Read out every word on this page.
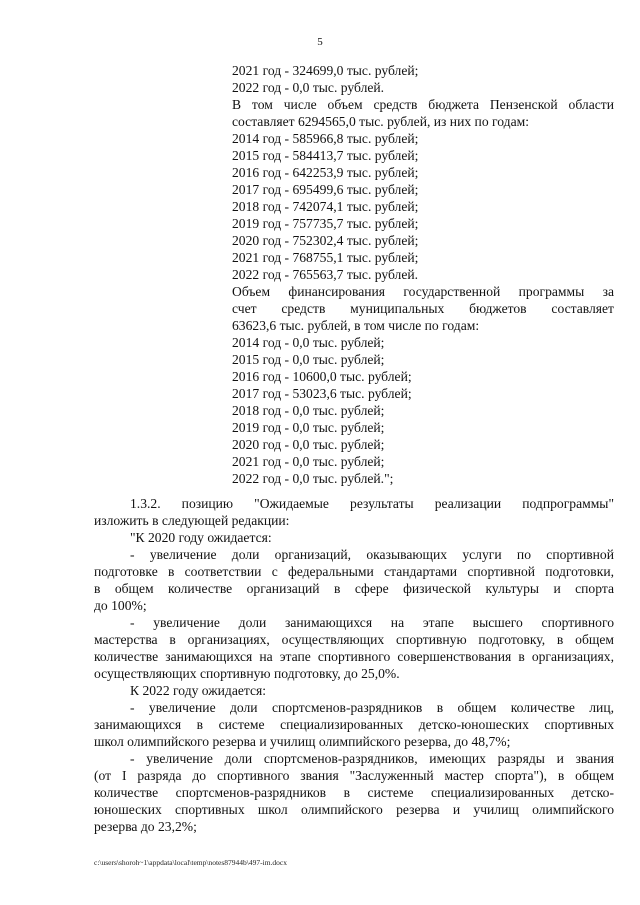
5
2021 год - 324699,0 тыс. рублей;
2022 год - 0,0 тыс. рублей.
В том числе объем средств бюджета Пензенской области
составляет 6294565,0 тыс. рублей, из них по годам:
2014 год - 585966,8 тыс. рублей;
2015 год - 584413,7 тыс. рублей;
2016 год - 642253,9 тыс. рублей;
2017 год - 695499,6 тыс. рублей;
2018 год - 742074,1 тыс. рублей;
2019 год - 757735,7 тыс. рублей;
2020 год - 752302,4 тыс. рублей;
2021 год - 768755,1 тыс. рублей;
2022 год - 765563,7 тыс. рублей.
Объем финансирования государственной программы за
счет средств муниципальных бюджетов составляет
63623,6 тыс. рублей, в том числе по годам:
2014 год - 0,0 тыс. рублей;
2015 год - 0,0 тыс. рублей;
2016 год - 10600,0 тыс. рублей;
2017 год - 53023,6 тыс. рублей;
2018 год - 0,0 тыс. рублей;
2019 год - 0,0 тыс. рублей;
2020 год - 0,0 тыс. рублей;
2021 год - 0,0 тыс. рублей;
2022 год - 0,0 тыс. рублей.";
1.3.2. позицию "Ожидаемые результаты реализации подпрограммы"
изложить в следующей редакции:
"К 2020 году ожидается:
- увеличение доли организаций, оказывающих услуги по спортивной
подготовке в соответствии с федеральными стандартами спортивной подготовки,
в общем количестве организаций в сфере физической культуры и спорта
до 100%;
- увеличение доли занимающихся на этапе высшего спортивного
мастерства в организациях, осуществляющих спортивную подготовку, в общем
количестве занимающихся на этапе спортивного совершенствования в организациях,
осуществляющих спортивную подготовку, до 25,0%.
К 2022 году ожидается:
- увеличение доли спортсменов-разрядников в общем количестве лиц,
занимающихся в системе специализированных детско-юношеских спортивных
школ олимпийского резерва и училищ олимпийского резерва, до 48,7%;
- увеличение доли спортсменов-разрядников, имеющих разряды и звания
(от I разряда до спортивного звания "Заслуженный мастер спорта"), в общем
количестве спортсменов-разрядников в системе специализированных детско-
юношеских спортивных школ олимпийского резерва и училищ олимпийского
резерва до 23,2%;
c:\users\shoroh~1\appdata\local\temp\notes87944b\497-im.docx
